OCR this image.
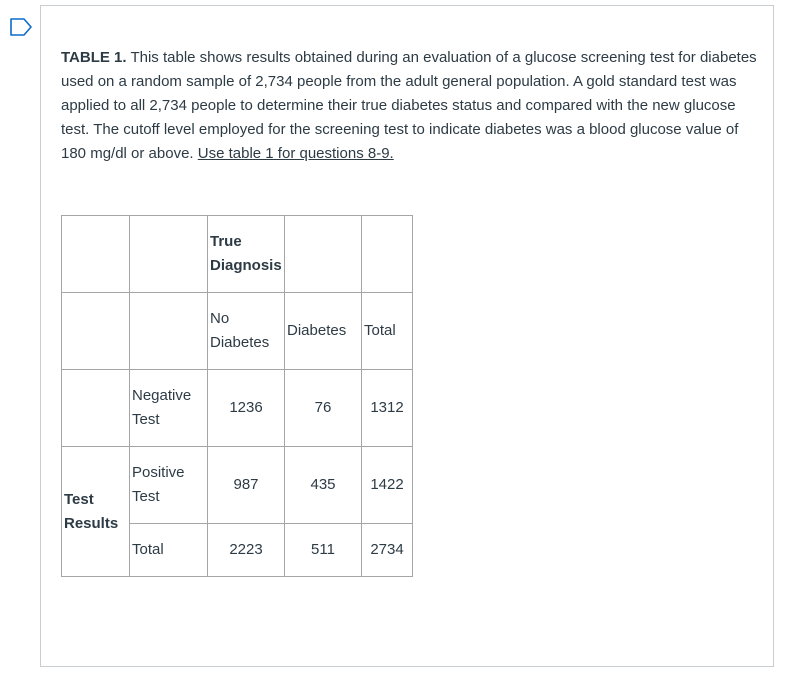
TABLE 1. This table shows results obtained during an evaluation of a glucose screening test for diabetes used on a random sample of 2,734 people from the adult general population. A gold standard test was applied to all 2,734 people to determine their true diabetes status and compared with the new glucose test. The cutoff level employed for the screening test to indicate diabetes was a blood glucose value of 180 mg/dl or above. Use table 1 for questions 8-9.

		True Diagnosis		
		No Diabetes	Diabetes	Total
	Negative Test	1236	76	1312
Test Results	Positive Test	987	435	1422
	Total	2223	511	2734
